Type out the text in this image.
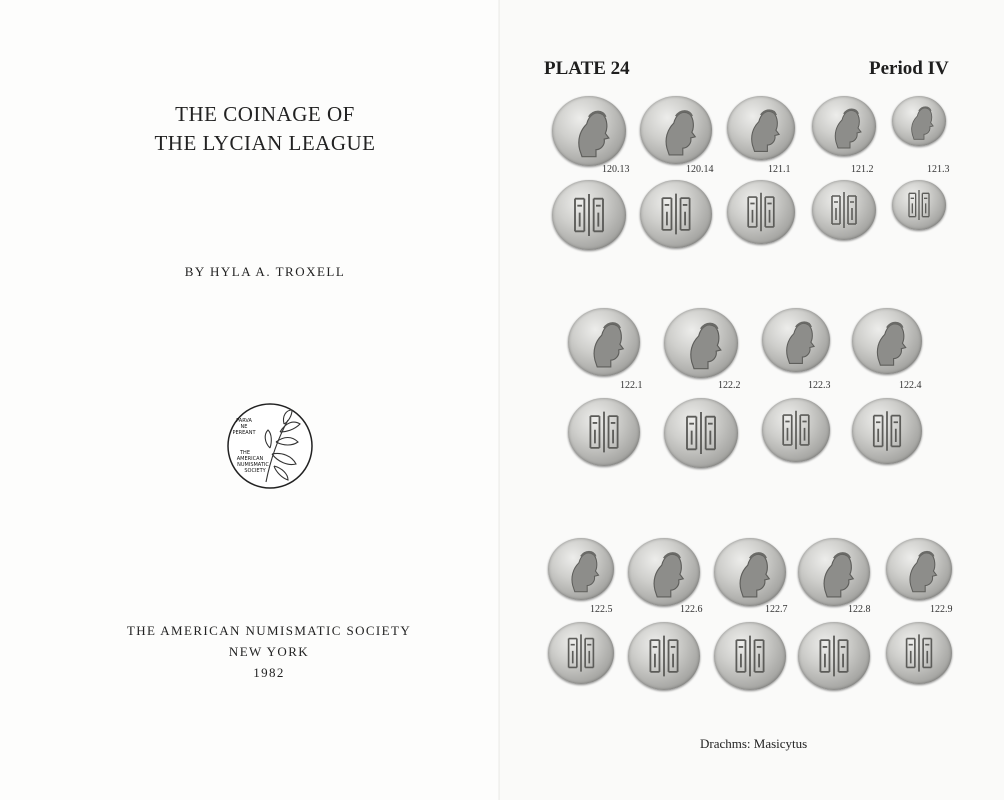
THE COINAGE OF
THE LYCIAN LEAGUE
BY HYLA A. TROXELL
PARVA
NE
PEREANT
THE
AMERICAN
NUMISMATIC
SOCIETY
THE AMERICAN NUMISMATIC SOCIETY
NEW YORK
1982
PLATE 24	Period IV
120.13	120.14	121.1	121.2	121.3
122.1	122.2	122.3	122.4
122.5	122.6	122.7	122.8	122.9
Drachms: Masicytus
